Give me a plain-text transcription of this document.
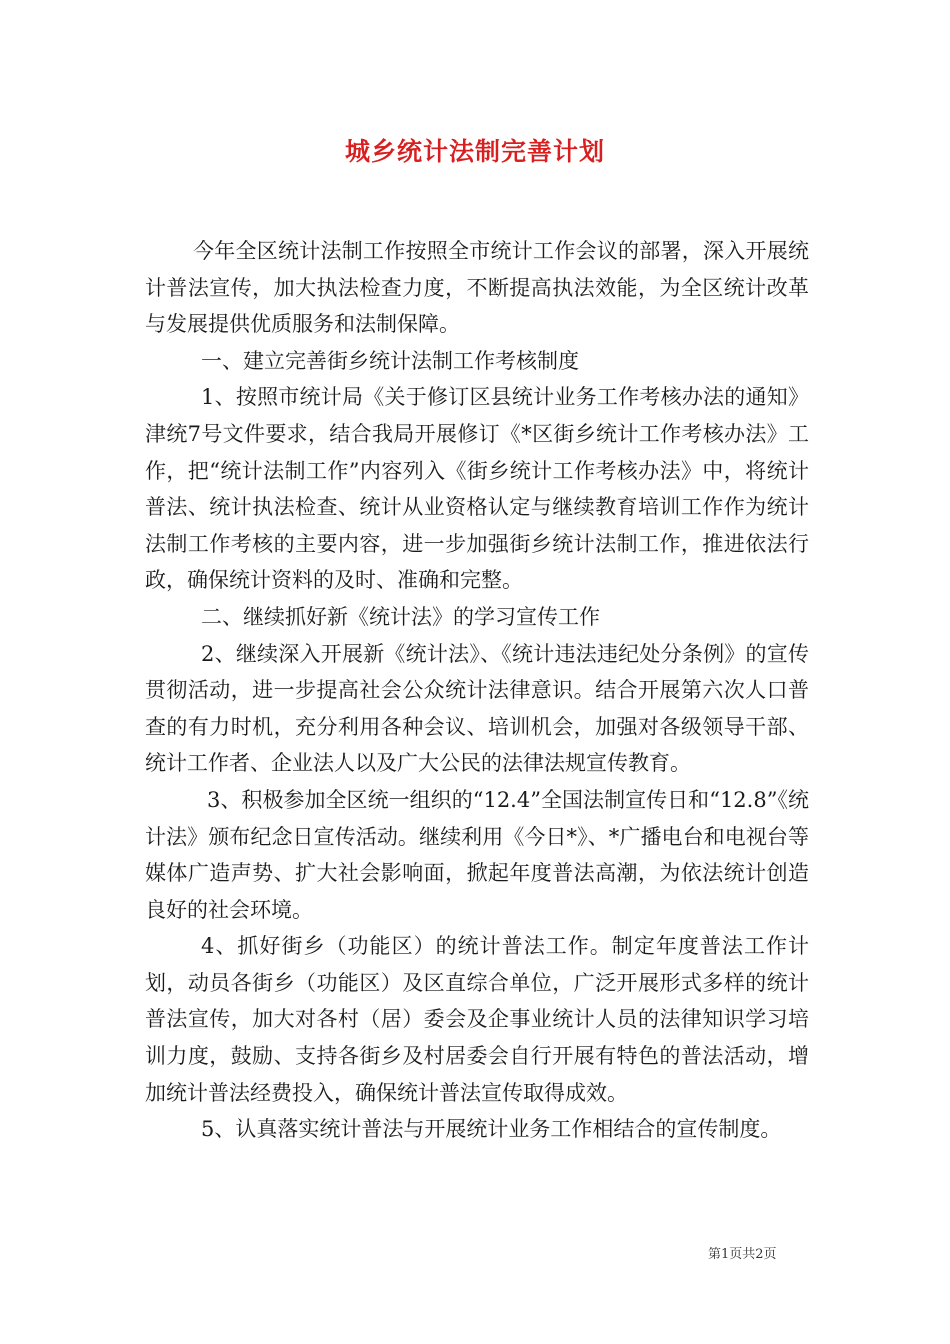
城乡统计法制完善计划

今年全区统计法制工作按照全市统计工作会议的部署，深入开展统计普法宣传，加大执法检查力度，不断提高执法效能，为全区统计改革与发展提供优质服务和法制保障。

一、建立完善街乡统计法制工作考核制度

1、按照市统计局《关于修订区县统计业务工作考核办法的通知》津统7号文件要求，结合我局开展修订《*区街乡统计工作考核办法》工作，把“统计法制工作”内容列入《街乡统计工作考核办法》中，将统计普法、统计执法检查、统计从业资格认定与继续教育培训工作作为统计法制工作考核的主要内容，进一步加强街乡统计法制工作，推进依法行政，确保统计资料的及时、准确和完整。

二、继续抓好新《统计法》的学习宣传工作

2、继续深入开展新《统计法》、《统计违法违纪处分条例》的宣传贯彻活动，进一步提高社会公众统计法律意识。结合开展第六次人口普查的有力时机，充分利用各种会议、培训机会，加强对各级领导干部、统计工作者、企业法人以及广大公民的法律法规宣传教育。

3、积极参加全区统一组织的“12.4”全国法制宣传日和“12.8”《统计法》颁布纪念日宣传活动。继续利用《今日*》、*广播电台和电视台等媒体广造声势、扩大社会影响面，掀起年度普法高潮，为依法统计创造良好的社会环境。

4、抓好街乡（功能区）的统计普法工作。制定年度普法工作计划，动员各街乡（功能区）及区直综合单位，广泛开展形式多样的统计普法宣传，加大对各村（居）委会及企事业统计人员的法律知识学习培训力度，鼓励、支持各街乡及村居委会自行开展有特色的普法活动，增加统计普法经费投入，确保统计普法宣传取得成效。

5、认真落实统计普法与开展统计业务工作相结合的宣传制度。

第1页共2页
